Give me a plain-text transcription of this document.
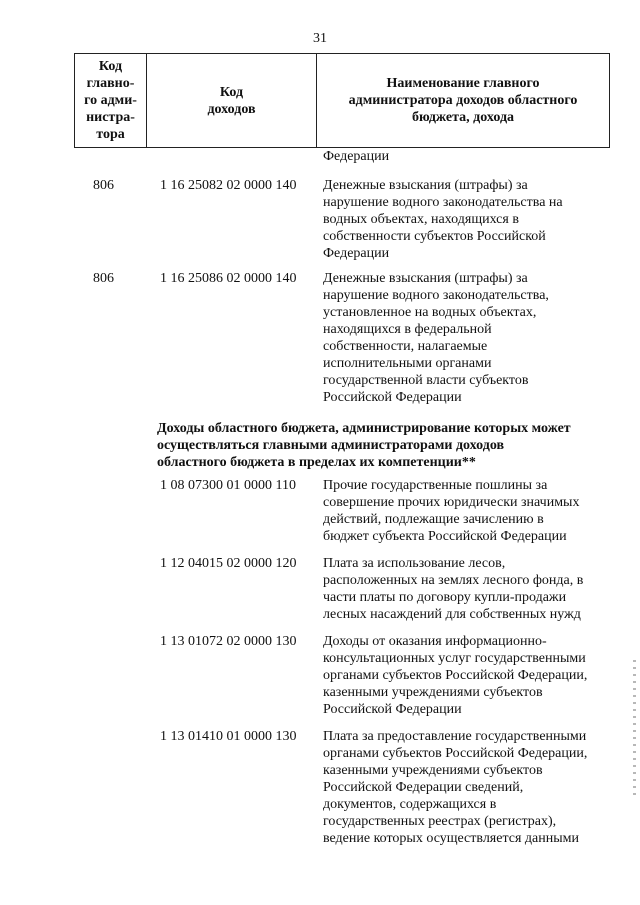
31
Код
главно-
го адми-
нистра-
тора
Код
доходов
Наименование главного
администратора доходов областного
бюджета, дохода
Федерации
806	1 16 25082 02 0000 140 Денежные взыскания (штрафы) за
нарушение водного законодательства на
водных объектах, находящихся в
собственности субъектов Российской
Федерации
806	1 16 25086 02 0000 140 Денежные взыскания (штрафы) за
нарушение водного законодательства,
установленное на водных объектах,
находящихся в федеральной
собственности, налагаемые
исполнительными органами
государственной власти субъектов
Российской Федерации
Доходы областного бюджета, администрирование которых может
осуществляться главными администраторами доходов
областного бюджета в пределах их компетенции**
1 08 07300 01 0000 110 Прочие государственные пошлины за
совершение прочих юридически значимых
действий, подлежащие зачислению в
бюджет субъекта Российской Федерации
1 12 04015 02 0000 120 Плата за использование лесов,
расположенных на землях лесного фонда, в
части платы по договору купли-продажи
лесных насаждений для собственных нужд
1 13 01072 02 0000 130 Доходы от оказания информационно-
консультационных услуг государственными
органами субъектов Российской Федерации,
казенными учреждениями субъектов
Российской Федерации
1 13 01410 01 0000 130 Плата за предоставление государственными
органами субъектов Российской Федерации,
казенными учреждениями субъектов
Российской Федерации сведений,
документов, содержащихся в
государственных реестрах (регистрах),
ведение которых осуществляется данными
